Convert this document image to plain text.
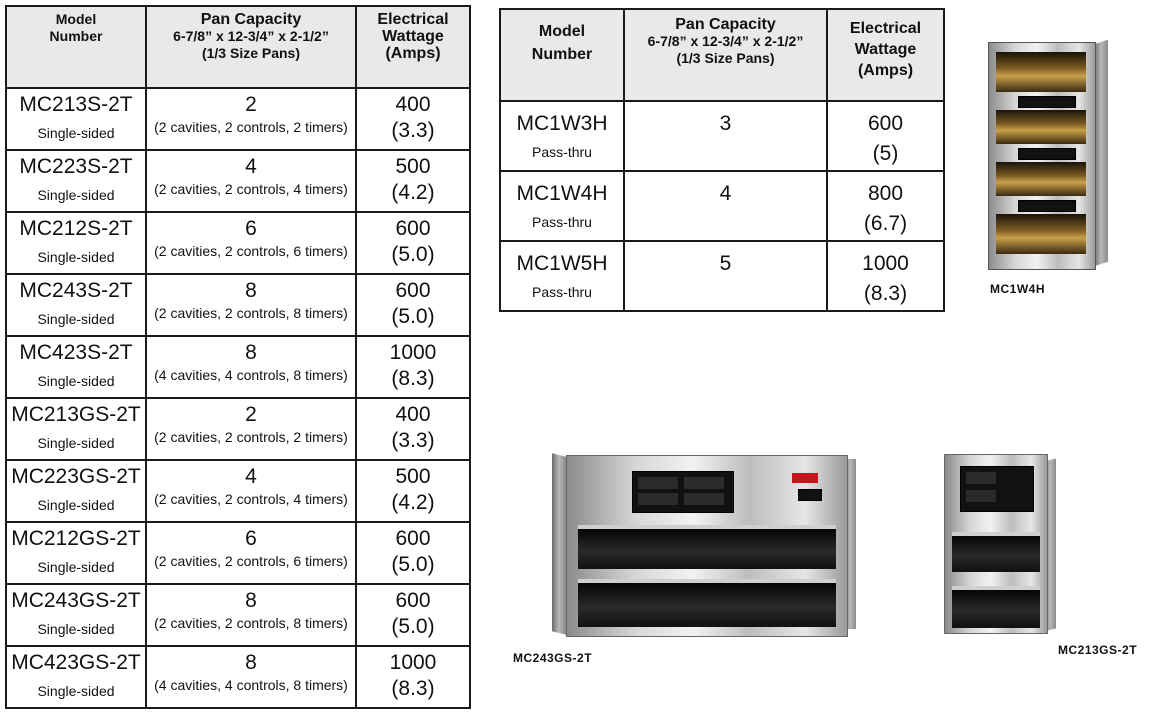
Model
Number	Pan Capacity
6-7/8” x 12-3/4” x 2-1/2”
(1/3 Size Pans)	Electrical
Wattage
(Amps)

MC213S-2T
Single-sided	2
(2 cavities, 2 controls, 2 timers)	400
(3.3)

MC223S-2T
Single-sided	4
(2 cavities, 2 controls, 4 timers)	500
(4.2)

MC212S-2T
Single-sided	6
(2 cavities, 2 controls, 6 timers)	600
(5.0)

MC243S-2T
Single-sided	8
(2 cavities, 2 controls, 8 timers)	600
(5.0)

MC423S-2T
Single-sided	8
(4 cavities, 4 controls, 8 timers)	1000
(8.3)

MC213GS-2T
Single-sided	2
(2 cavities, 2 controls, 2 timers)	400
(3.3)

MC223GS-2T
Single-sided	4
(2 cavities, 2 controls, 4 timers)	500
(4.2)

MC212GS-2T
Single-sided	6
(2 cavities, 2 controls, 6 timers)	600
(5.0)

MC243GS-2T
Single-sided	8
(2 cavities, 2 controls, 8 timers)	600
(5.0)

MC423GS-2T
Single-sided	8
(4 cavities, 4 controls, 8 timers)	1000
(8.3)
Model
Number	Pan Capacity
6-7/8” x 12-3/4” x 2-1/2”
(1/3 Size Pans)	Electrical
Wattage
(Amps)

MC1W3H
Pass-thru	3	600
(5)

MC1W4H
Pass-thru	4	800
(6.7)

MC1W5H
Pass-thru	5	1000
(8.3)	MC1W4H
MC243GS-2T
MC213GS-2T
